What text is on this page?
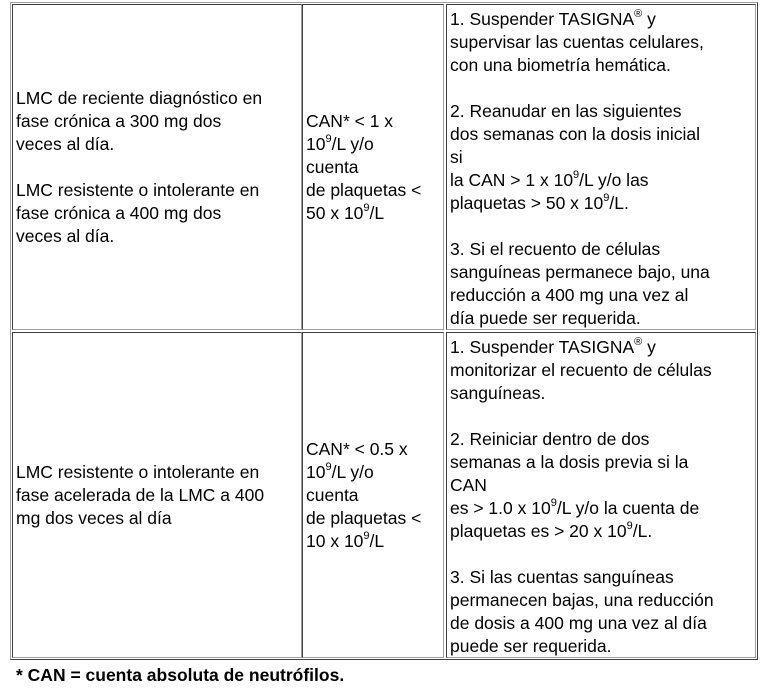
LMC de reciente diagnóstico en
fase crónica a 300 mg dos
veces al día.
LMC resistente o intolerante en
fase crónica a 400 mg dos
veces al día.
CAN* < 1 x
$10^9/L$ y/o
cuenta
de plaquetas <
50 x $10^9/L$
1. Suspender TASIGNA® y
supervisar las cuentas celulares,
con una biometría hemática.
2. Reanudar en las siguientes
dos semanas con la dosis inicial
si
la CAN > 1 x $10^9/L$ y/o las
plaquetas > 50 x $10^9/L$.
3. Si el recuento de células
sanguíneas permanece bajo, una
reducción a 400 mg una vez al
día puede ser requerida.
LMC resistente o intolerante en
fase acelerada de la LMC a 400
mg dos veces al día
CAN* < 0.5 x
$10^9/L$ y/o
cuenta
de plaquetas <
10 x $10^9/L$
1. Suspender TASIGNA® y
monitorizar el recuento de células
sanguíneas.
2. Reiniciar dentro de dos
semanas a la dosis previa si la
CAN
es > 1.0 x $10^9/L$ y/o la cuenta de
plaquetas es > 20 x $10^9/L$.
3. Si las cuentas sanguíneas
permanecen bajas, una reducción
de dosis a 400 mg una vez al día
puede ser requerida.
* CAN = cuenta absoluta de neutrófilos.
